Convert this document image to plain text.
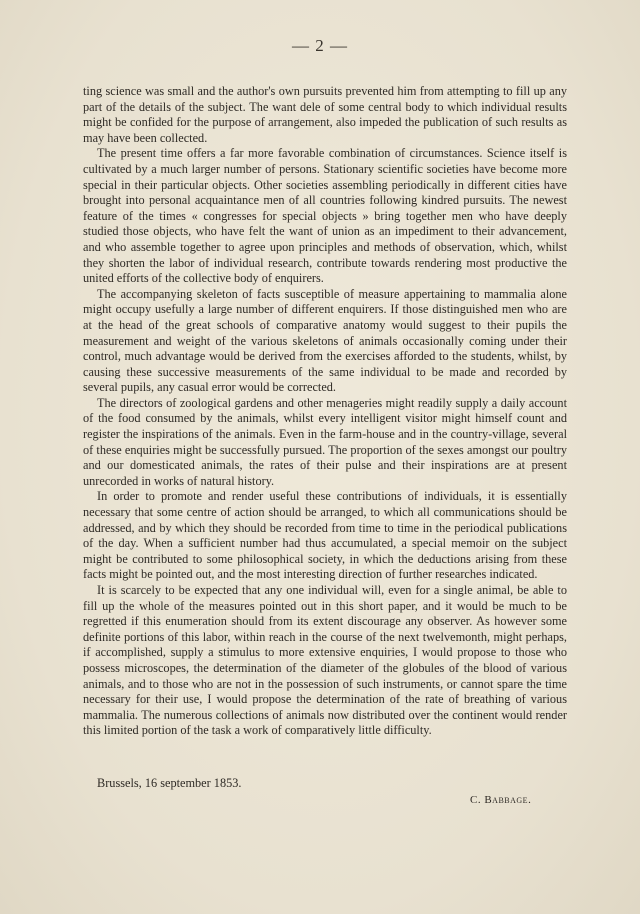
— 2 —

ting science was small and the author's own pursuits prevented him from attempting to fill up any part of the details of the subject. The want dele of some central body to which individual results might be confided for the purpose of arrangement, also impeded the publication of such results as may have been collected.

The present time offers a far more favorable combination of circumstances. Science itself is cultivated by a much larger number of persons. Stationary scientific societies have become more special in their particular objects. Other societies assembling periodically in different cities have brought into personal acquaintance men of all countries following kindred pursuits. The newest feature of the times « congresses for special objects » bring together men who have deeply studied those objects, who have felt the want of union as an impediment to their advancement, and who assemble together to agree upon principles and methods of observation, which, whilst they shorten the labor of individual research, contribute towards rendering most productive the united efforts of the collective body of enquirers.

The accompanying skeleton of facts susceptible of measure appertaining to mammalia alone might occupy usefully a large number of different enquirers. If those distinguished men who are at the head of the great schools of comparative anatomy would suggest to their pupils the measurement and weight of the various skeletons of animals occasionally coming under their control, much advantage would be derived from the exercises afforded to the students, whilst, by causing these successive measurements of the same individual to be made and recorded by several pupils, any casual error would be corrected.

The directors of zoological gardens and other menageries might readily supply a daily account of the food consumed by the animals, whilst every intelligent visitor might himself count and register the inspirations of the animals. Even in the farm-house and in the country-village, several of these enquiries might be successfully pursued. The proportion of the sexes amongst our poultry and our domesticated animals, the rates of their pulse and their inspirations are at present unrecorded in works of natural history.

In order to promote and render useful these contributions of individuals, it is essentially necessary that some centre of action should be arranged, to which all communications should be addressed, and by which they should be recorded from time to time in the periodical publications of the day. When a sufficient number had thus accumulated, a special memoir on the subject might be contributed to some philosophical society, in which the deductions arising from these facts might be pointed out, and the most interesting direction of further researches indicated.

It is scarcely to be expected that any one individual will, even for a single animal, be able to fill up the whole of the measures pointed out in this short paper, and it would be much to be regretted if this enumeration should from its extent discourage any observer. As however some definite portions of this labor, within reach in the course of the next twelvemonth, might perhaps, if accomplished, supply a stimulus to more extensive enquiries, I would propose to those who possess microscopes, the determination of the diameter of the globules of the blood of various animals, and to those who are not in the possession of such instruments, or cannot spare the time necessary for their use, I would propose the determination of the rate of breathing of various mammalia. The numerous collections of animals now distributed over the continent would render this limited portion of the task a work of comparatively little difficulty.

Brussels, 16 september 1853.
C. Babbage.
